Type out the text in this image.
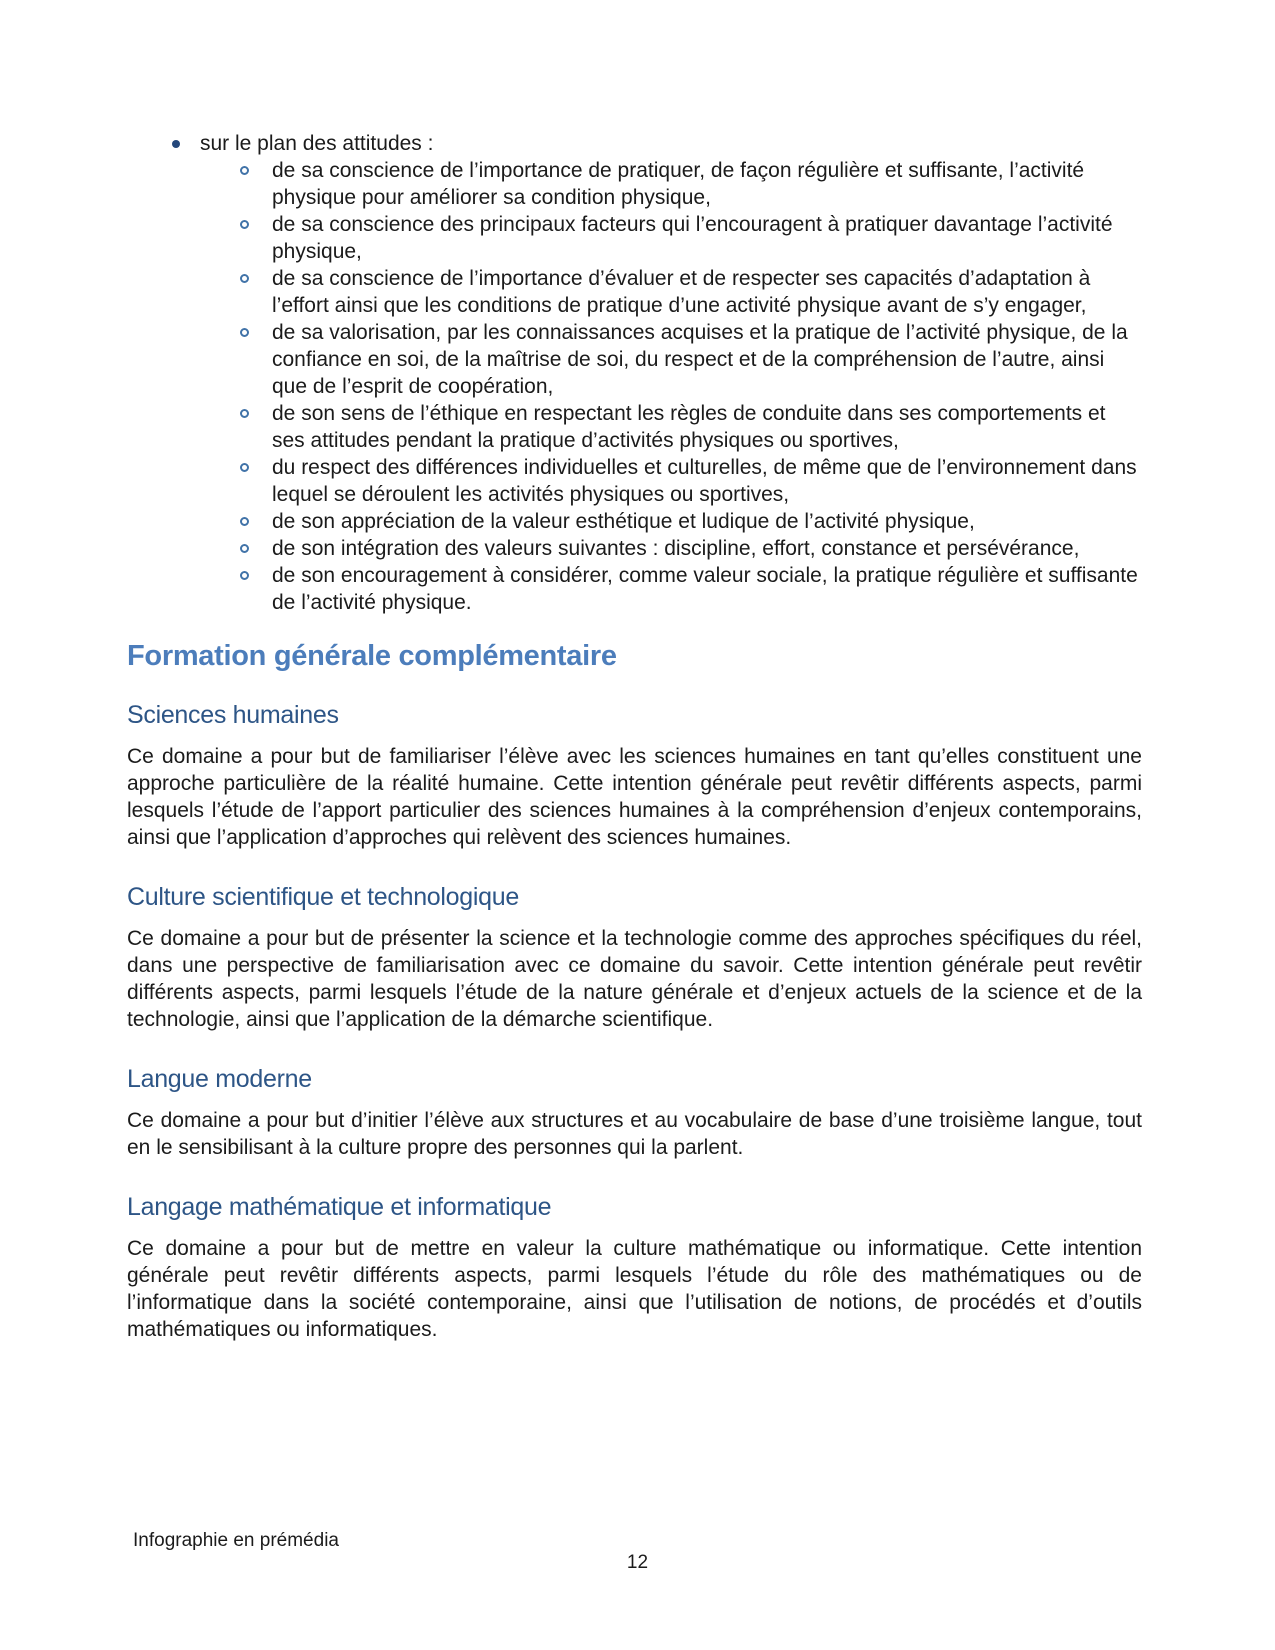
sur le plan des attitudes :
de sa conscience de l’importance de pratiquer, de façon régulière et suffisante, l’activité physique pour améliorer sa condition physique,
de sa conscience des principaux facteurs qui l’encouragent à pratiquer davantage l’activité physique,
de sa conscience de l’importance d’évaluer et de respecter ses capacités d’adaptation à l’effort ainsi que les conditions de pratique d’une activité physique avant de s’y engager,
de sa valorisation, par les connaissances acquises et la pratique de l’activité physique, de la confiance en soi, de la maîtrise de soi, du respect et de la compréhension de l’autre, ainsi que de l’esprit de coopération,
de son sens de l’éthique en respectant les règles de conduite dans ses comportements et ses attitudes pendant la pratique d’activités physiques ou sportives,
du respect des différences individuelles et culturelles, de même que de l’environnement dans lequel se déroulent les activités physiques ou sportives,
de son appréciation de la valeur esthétique et ludique de l’activité physique,
de son intégration des valeurs suivantes : discipline, effort, constance et persévérance,
de son encouragement à considérer, comme valeur sociale, la pratique régulière et suffisante de l’activité physique.
Formation générale complémentaire
Sciences humaines

Ce domaine a pour but de familiariser l’élève avec les sciences humaines en tant qu’elles constituent une approche particulière de la réalité humaine. Cette intention générale peut revêtir différents aspects, parmi lesquels l’étude de l’apport particulier des sciences humaines à la compréhension d’enjeux contemporains, ainsi que l’application d’approches qui relèvent des sciences humaines.

Culture scientifique et technologique

Ce domaine a pour but de présenter la science et la technologie comme des approches spécifiques du réel, dans une perspective de familiarisation avec ce domaine du savoir. Cette intention générale peut revêtir différents aspects, parmi lesquels l’étude de la nature générale et d’enjeux actuels de la science et de la technologie, ainsi que l’application de la démarche scientifique.

Langue moderne

Ce domaine a pour but d’initier l’élève aux structures et au vocabulaire de base d’une troisième langue, tout en le sensibilisant à la culture propre des personnes qui la parlent.

Langage mathématique et informatique

Ce domaine a pour but de mettre en valeur la culture mathématique ou informatique. Cette intention générale peut revêtir différents aspects, parmi lesquels l’étude du rôle des mathématiques ou de l’informatique dans la société contemporaine, ainsi que l’utilisation de notions, de procédés et d’outils mathématiques ou informatiques.

Infographie en prémédia
12
